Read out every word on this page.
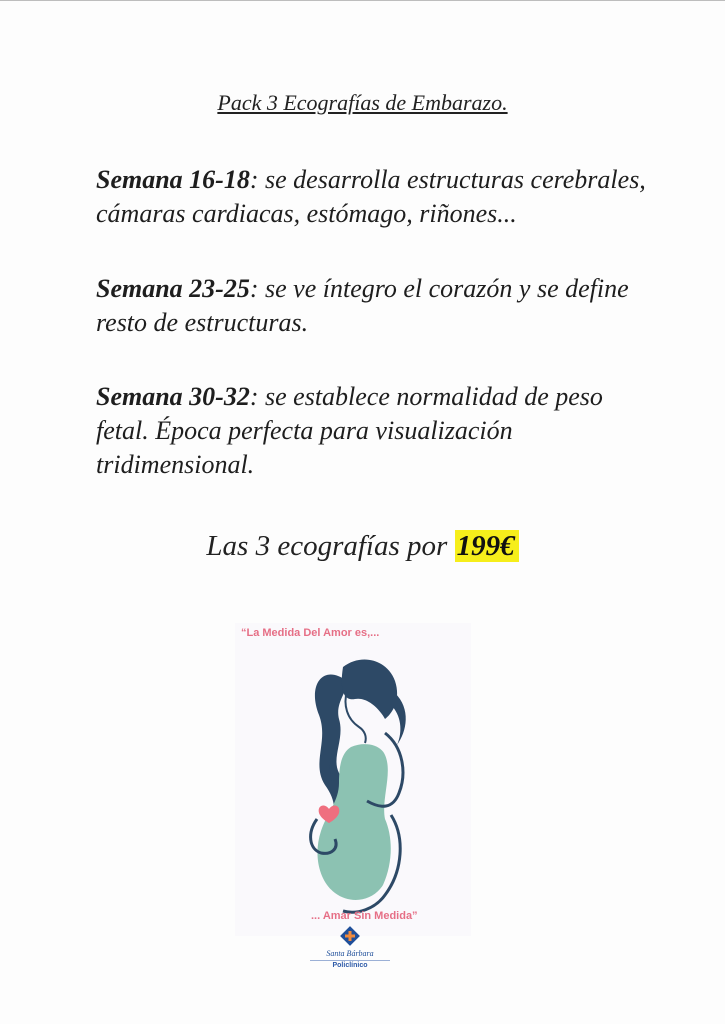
Pack 3 Ecografías de Embarazo.
Semana 16-18: se desarrolla estructuras cerebrales, cámaras cardiacas, estómago, riñones...
Semana 23-25: se ve íntegro el corazón y se define resto de estructuras.
Semana 30-32: se establece normalidad de peso fetal. Época perfecta para visualización tridimensional.
Las 3 ecografías por 199€
“La Medida Del Amor es,...
... Amar Sin Medida”
Santa Bárbara
Policlínico
